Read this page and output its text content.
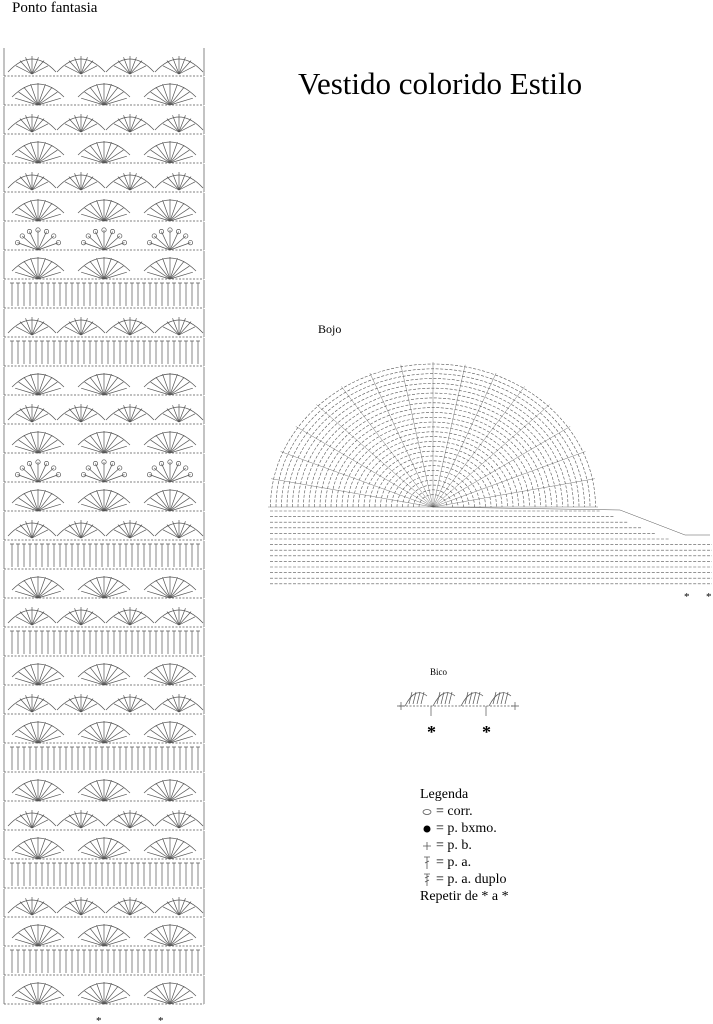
Ponto fantasia
Vestido colorido Estilo
*	*
Bojo
* *
Bico
*	*
Legenda
= corr.
= p. bxmo.
= p. b.
= p. a.
= p. a. duplo
Repetir de * a *
